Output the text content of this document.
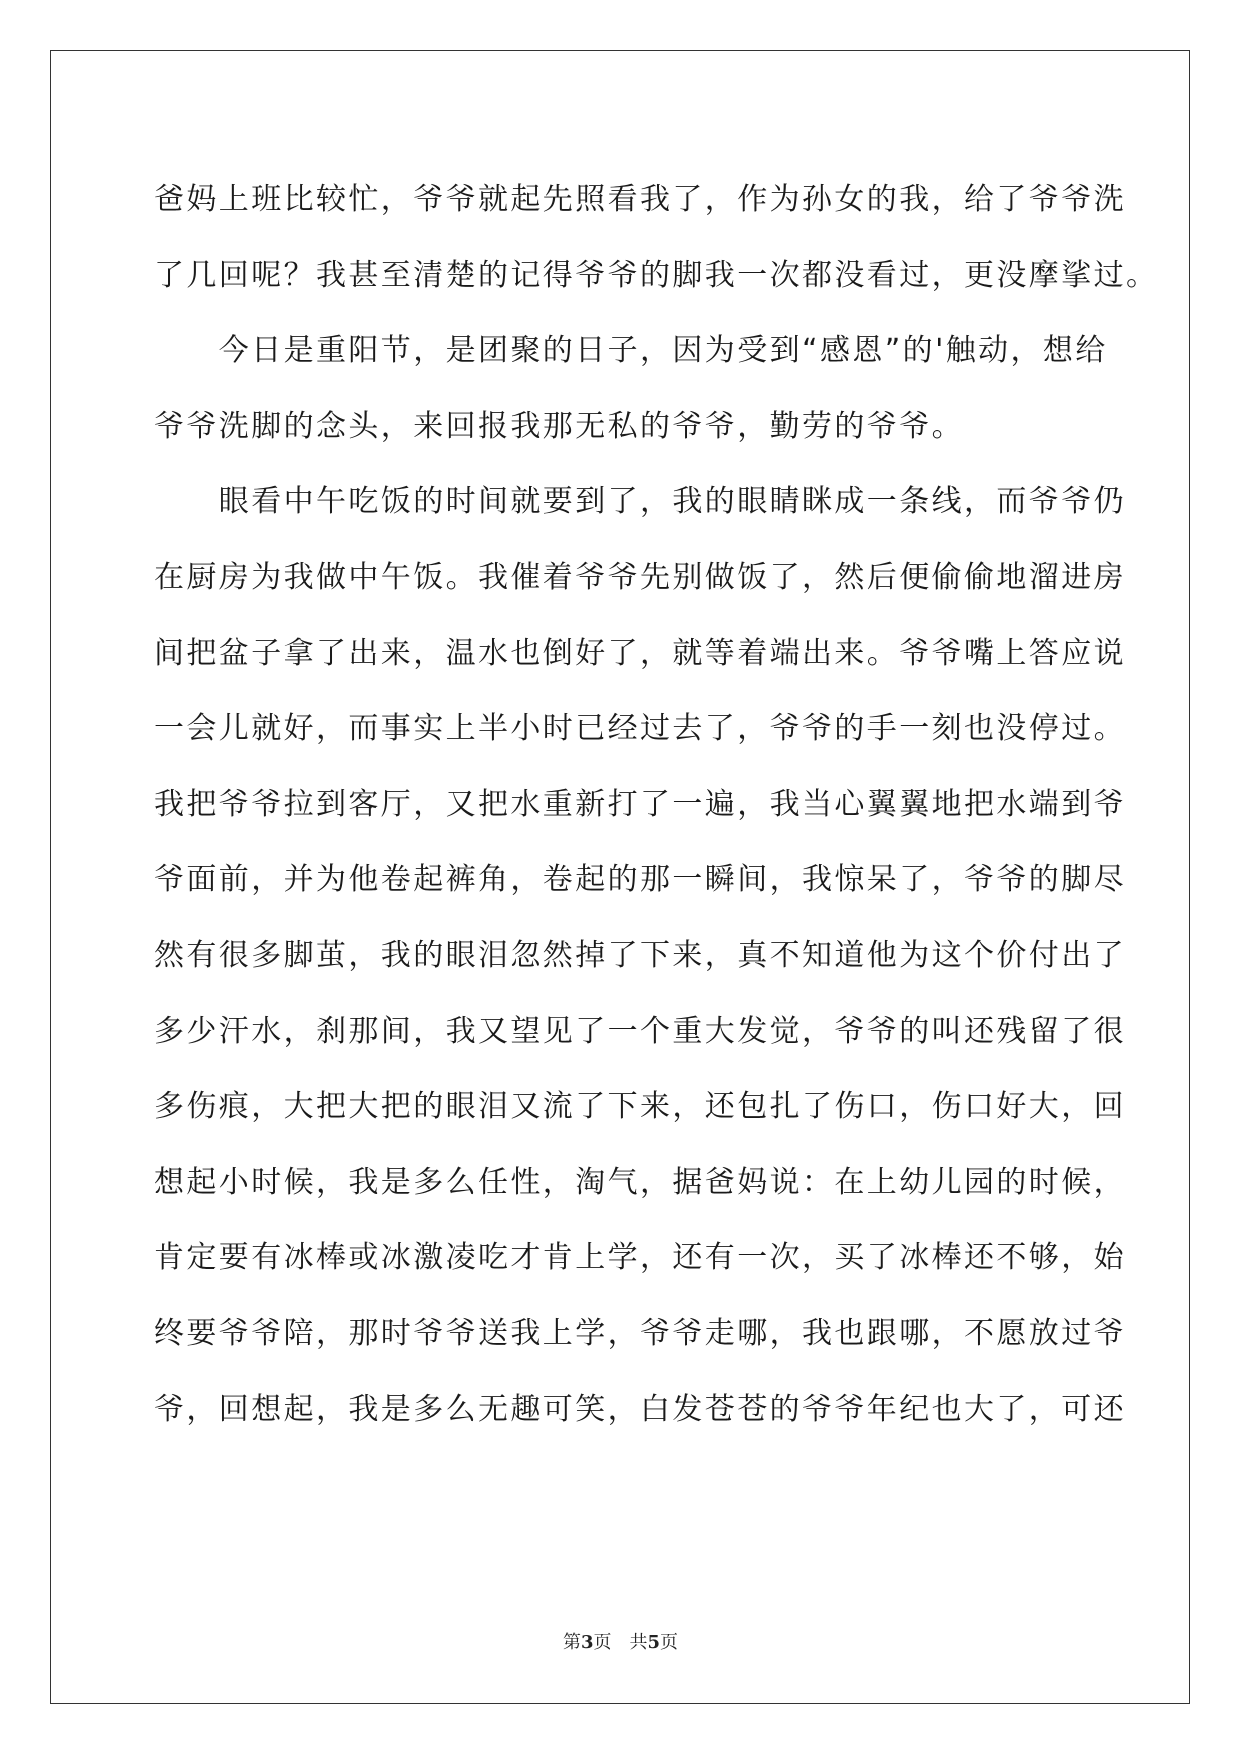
爸妈上班比较忙，爷爷就起先照看我了，作为孙女的我，给了爷爷洗
了几回呢？我甚至清楚的记得爷爷的脚我一次都没看过，更没摩挲过。
　　今日是重阳节，是团聚的日子，因为受到“感恩”的'触动，想给
爷爷洗脚的念头，来回报我那无私的爷爷，勤劳的爷爷。
　　眼看中午吃饭的时间就要到了，我的眼睛眯成一条线，而爷爷仍
在厨房为我做中午饭。我催着爷爷先别做饭了，然后便偷偷地溜进房
间把盆子拿了出来，温水也倒好了，就等着端出来。爷爷嘴上答应说
一会儿就好，而事实上半小时已经过去了，爷爷的手一刻也没停过。
我把爷爷拉到客厅，又把水重新打了一遍，我当心翼翼地把水端到爷
爷面前，并为他卷起裤角，卷起的那一瞬间，我惊呆了，爷爷的脚尽
然有很多脚茧，我的眼泪忽然掉了下来，真不知道他为这个价付出了
多少汗水，刹那间，我又望见了一个重大发觉，爷爷的叫还残留了很
多伤痕，大把大把的眼泪又流了下来，还包扎了伤口，伤口好大，回
想起小时候，我是多么任性，淘气，据爸妈说：在上幼儿园的时候，
肯定要有冰棒或冰激凌吃才肯上学，还有一次，买了冰棒还不够，始
终要爷爷陪，那时爷爷送我上学，爷爷走哪，我也跟哪，不愿放过爷
爷，回想起，我是多么无趣可笑，白发苍苍的爷爷年纪也大了，可还
第3页 共5页
